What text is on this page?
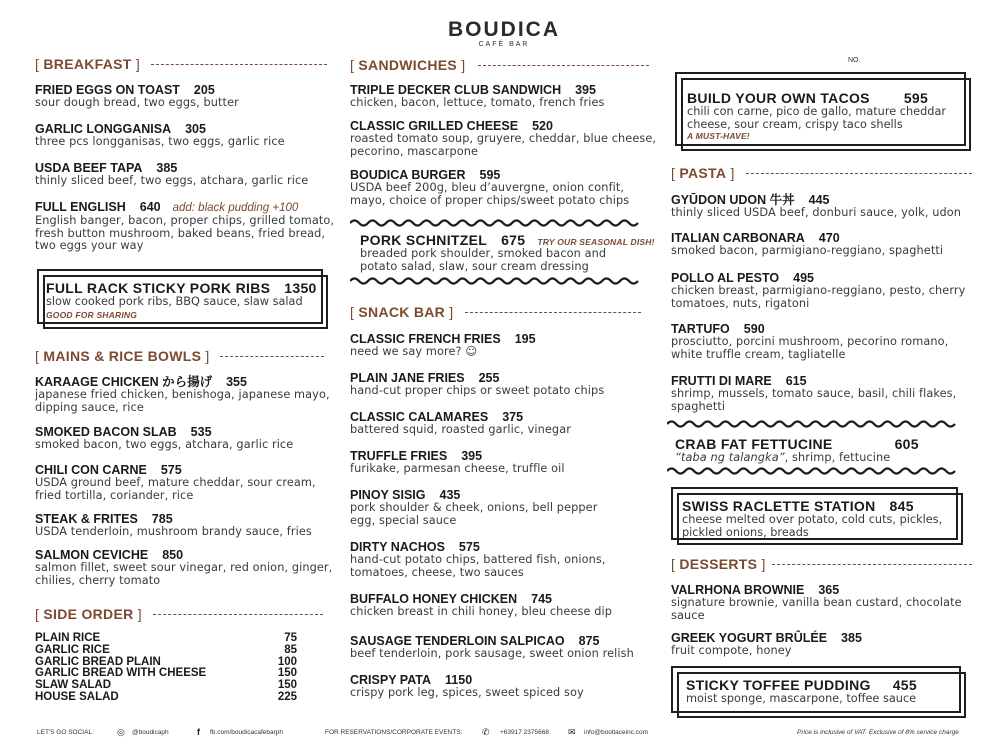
BOUDICA
CAFÉ BAR
NO.
[ BREAKFAST ]
FRIED EGGS ON TOAST 205
sour dough bread, two eggs, butter
GARLIC LONGGANISA 305
three pcs longganisas, two eggs, garlic rice
USDA BEEF TAPA 385
thinly sliced beef, two eggs, atchara, garlic rice
FULL ENGLISH 640 add: black pudding +100
English banger, bacon, proper chips, grilled tomato, fresh button mushroom, baked beans, fried bread, two eggs your way
FULL RACK STICKY PORK RIBS 1350
slow cooked pork ribs, BBQ sauce, slaw salad
GOOD FOR SHARING
[ MAINS & RICE BOWLS ]
KARAAGE CHICKEN から揚げ 355
japanese fried chicken, benishoga, japanese mayo, dipping sauce, rice
SMOKED BACON SLAB 535
smoked bacon, two eggs, atchara, garlic rice
CHILI CON CARNE 575
USDA ground beef, mature cheddar, sour cream, fried tortilla, coriander, rice
STEAK & FRITES 785
USDA tenderloin, mushroom brandy sauce, fries
SALMON CEVICHE 850
salmon fillet, sweet sour vinegar, red onion, ginger, chilies, cherry tomato
[ SIDE ORDER ]
PLAIN RICE	75
GARLIC RICE	85
GARLIC BREAD PLAIN	100
GARLIC BREAD WITH CHEESE	150
SLAW SALAD	150
HOUSE SALAD	225
[ SANDWICHES ]
TRIPLE DECKER CLUB SANDWICH 395
chicken, bacon, lettuce, tomato, french fries
CLASSIC GRILLED CHEESE 520
roasted tomato soup, gruyere, cheddar, blue cheese, pecorino, mascarpone
BOUDICA BURGER 595
USDA beef 200g, bleu d’auvergne, onion confit, mayo, choice of proper chips/sweet potato chips
PORK SCHNITZEL 675 TRY OUR SEASONAL DISH!
breaded pork shoulder, smoked bacon and potato salad, slaw, sour cream dressing
[ SNACK BAR ]
CLASSIC FRENCH FRIES 195
need we say more? ☺
PLAIN JANE FRIES 255
hand-cut proper chips or sweet potato chips
CLASSIC CALAMARES 375
battered squid, roasted garlic, vinegar
TRUFFLE FRIES 395
furikake, parmesan cheese, truffle oil
PINOY SISIG 435
pork shoulder & cheek, onions, bell pepper egg, special sauce
DIRTY NACHOS 575
hand-cut potato chips, battered fish, onions, tomatoes, cheese, two sauces
BUFFALO HONEY CHICKEN 745
chicken breast in chili honey, bleu cheese dip
SAUSAGE TENDERLOIN SALPICAO 875
beef tenderloin, pork sausage, sweet onion relish
CRISPY PATA 1150
crispy pork leg, spices, sweet spiced soy
BUILD YOUR OWN TACOS 595
chili con carne, pico de gallo, mature cheddar cheese, sour cream, crispy taco shells
A MUST-HAVE!
[ PASTA ]
GYŪDON UDON 牛丼 445
thinly sliced USDA beef, donburi sauce, yolk, udon
ITALIAN CARBONARA 470
smoked bacon, parmigiano-reggiano, spaghetti
POLLO AL PESTO 495
chicken breast, parmigiano-reggiano, pesto, cherry tomatoes, nuts, rigatoni
TARTUFO 590
prosciutto, porcini mushroom, pecorino romano, white truffle cream, tagliatelle
FRUTTI DI MARE 615
shrimp, mussels, tomato sauce, basil, chili flakes, spaghetti
CRAB FAT FETTUCINE	605
“taba ng talangka”, shrimp, fettucine
SWISS RACLETTE STATION 845
cheese melted over potato, cold cuts, pickles, pickled onions, breads
[ DESSERTS ]
VALRHONA BROWNIE 365
signature brownie, vanilla bean custard, chocolate sauce
GREEK YOGURT BRÛLÉE 385
fruit compote, honey
STICKY TOFFEE PUDDING 455
moist sponge, mascarpone, toffee sauce
LET'S GO SOCIAL:	◎ @boudicaph	f fb.com/boudicacafebarph	FOR RESERVATIONS/CORPORATE EVENTS: ✆ +63917 2375668 ✉ info@bootlaceinc.com	Price is inclusive of VAT. Exclusive of 8% service charge
